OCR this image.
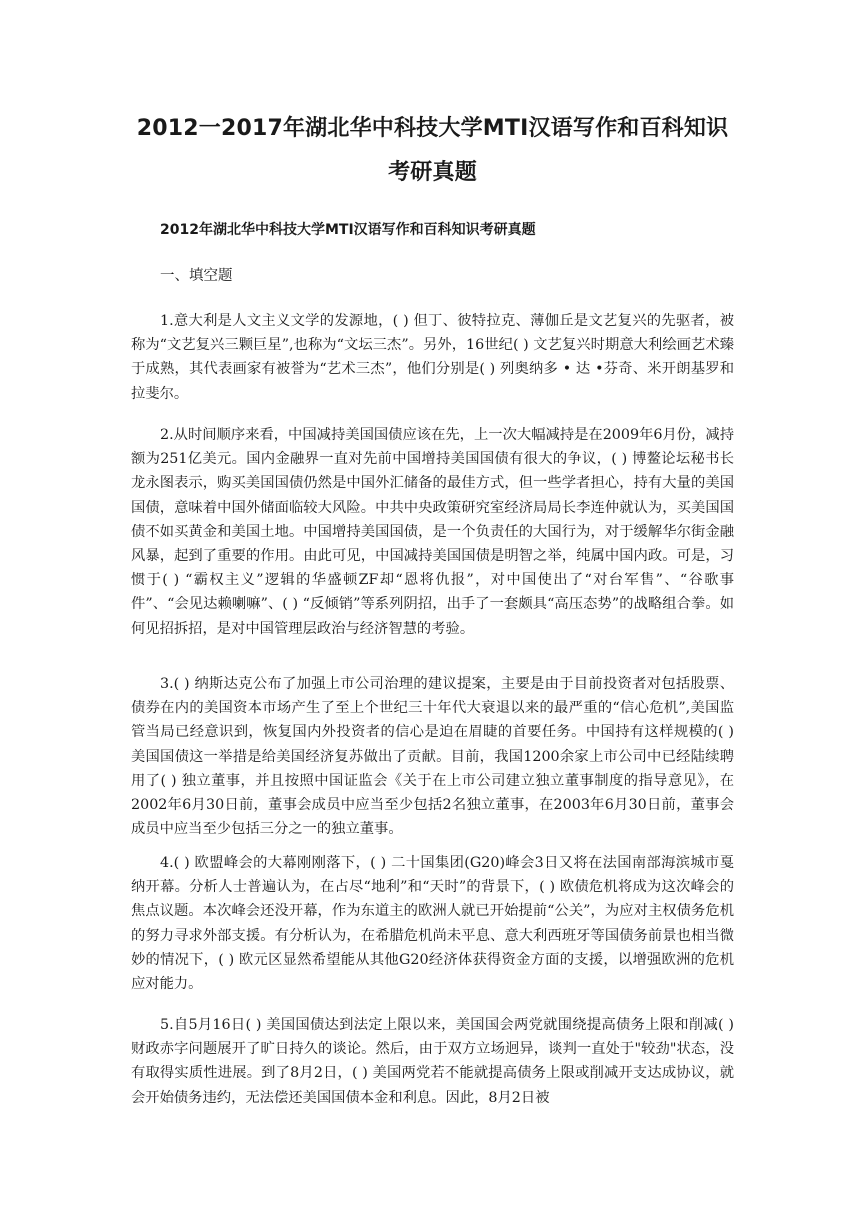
2012一2017年湖北华中科技大学MTI汉语写作和百科知识
考研真题
2012年湖北华中科技大学MTI汉语写作和百科知识考研真题
一、填空题

1.意大利是人文主义文学的发源地，( ) 但丁、彼特拉克、薄伽丘是文艺复兴的先驱者，被称为“文艺复兴三颗巨星”,也称为“文坛三杰”。另外，16世纪( ) 文艺复兴时期意大利绘画艺术臻于成熟，其代表画家有被誉为“艺术三杰”，他们分别是( ) 列奥纳多 • 达 •芬奇、米开朗基罗和拉斐尔。

2.从时间顺序来看，中国减持美国国债应该在先，上一次大幅减持是在2009年6月份，减持额为251亿美元。国内金融界一直对先前中国增持美国国债有很大的争议，( ) 博鳌论坛秘书长龙永图表示，购买美国国债仍然是中国外汇储备的最佳方式，但一些学者担心，持有大量的美国国债，意味着中国外储面临较大风险。中共中央政策研究室经济局局长李连仲就认为，买美国国债不如买黄金和美国土地。中国增持美国国债，是一个负责任的大国行为，对于缓解华尔街金融风暴，起到了重要的作用。由此可见，中国减持美国国债是明智之举，纯属中国内政。可是，习惯于( ) “霸权主义”逻辑的华盛顿ZF却“恩将仇报”，对中国使出了“对台军售”、“谷歌事件”、“会见达赖喇嘛”、( ) “反倾销”等系列阴招，出手了一套颇具“高压态势”的战略组合拳。如何见招拆招，是对中国管理层政治与经济智慧的考验。

3.( ) 纳斯达克公布了加强上市公司治理的建议提案，主要是由于目前投资者对包括股票、债券在内的美国资本市场产生了至上个世纪三十年代大衰退以来的最严重的“信心危机”,美国监管当局已经意识到，恢复国内外投资者的信心是迫在眉睫的首要任务。中国持有这样规模的( ) 美国国债这一举措是给美国经济复苏做出了贡献。目前，我国1200余家上市公司中已经陆续聘用了( ) 独立董事，并且按照中国证监会《关于在上市公司建立独立董事制度的指导意见》，在2002年6月30日前，董事会成员中应当至少包括2名独立董事，在2003年6月30日前，董事会成员中应当至少包括三分之一的独立董事。

4.( ) 欧盟峰会的大幕刚刚落下，( ) 二十国集团(G20)峰会3日又将在法国南部海滨城市戛纳开幕。分析人士普遍认为，在占尽“地利”和“天时”的背景下，( ) 欧债危机将成为这次峰会的焦点议题。本次峰会还没开幕，作为东道主的欧洲人就已开始提前“公关”，为应对主权债务危机的努力寻求外部支援。有分析认为，在希腊危机尚未平息、意大利西班牙等国债务前景也相当微妙的情况下，( ) 欧元区显然希望能从其他G20经济体获得资金方面的支援，以增强欧洲的危机应对能力。

5.自5月16日( ) 美国国债达到法定上限以来，美国国会两党就围绕提高债务上限和削减( ) 财政赤字问题展开了旷日持久的谈论。然后，由于双方立场迥异，谈判一直处于"较劲"状态，没有取得实质性进展。到了8月2日，( ) 美国两党若不能就提高债务上限或削减开支达成协议，就会开始债务违约，无法偿还美国国债本金和利息。因此，8月2日被
